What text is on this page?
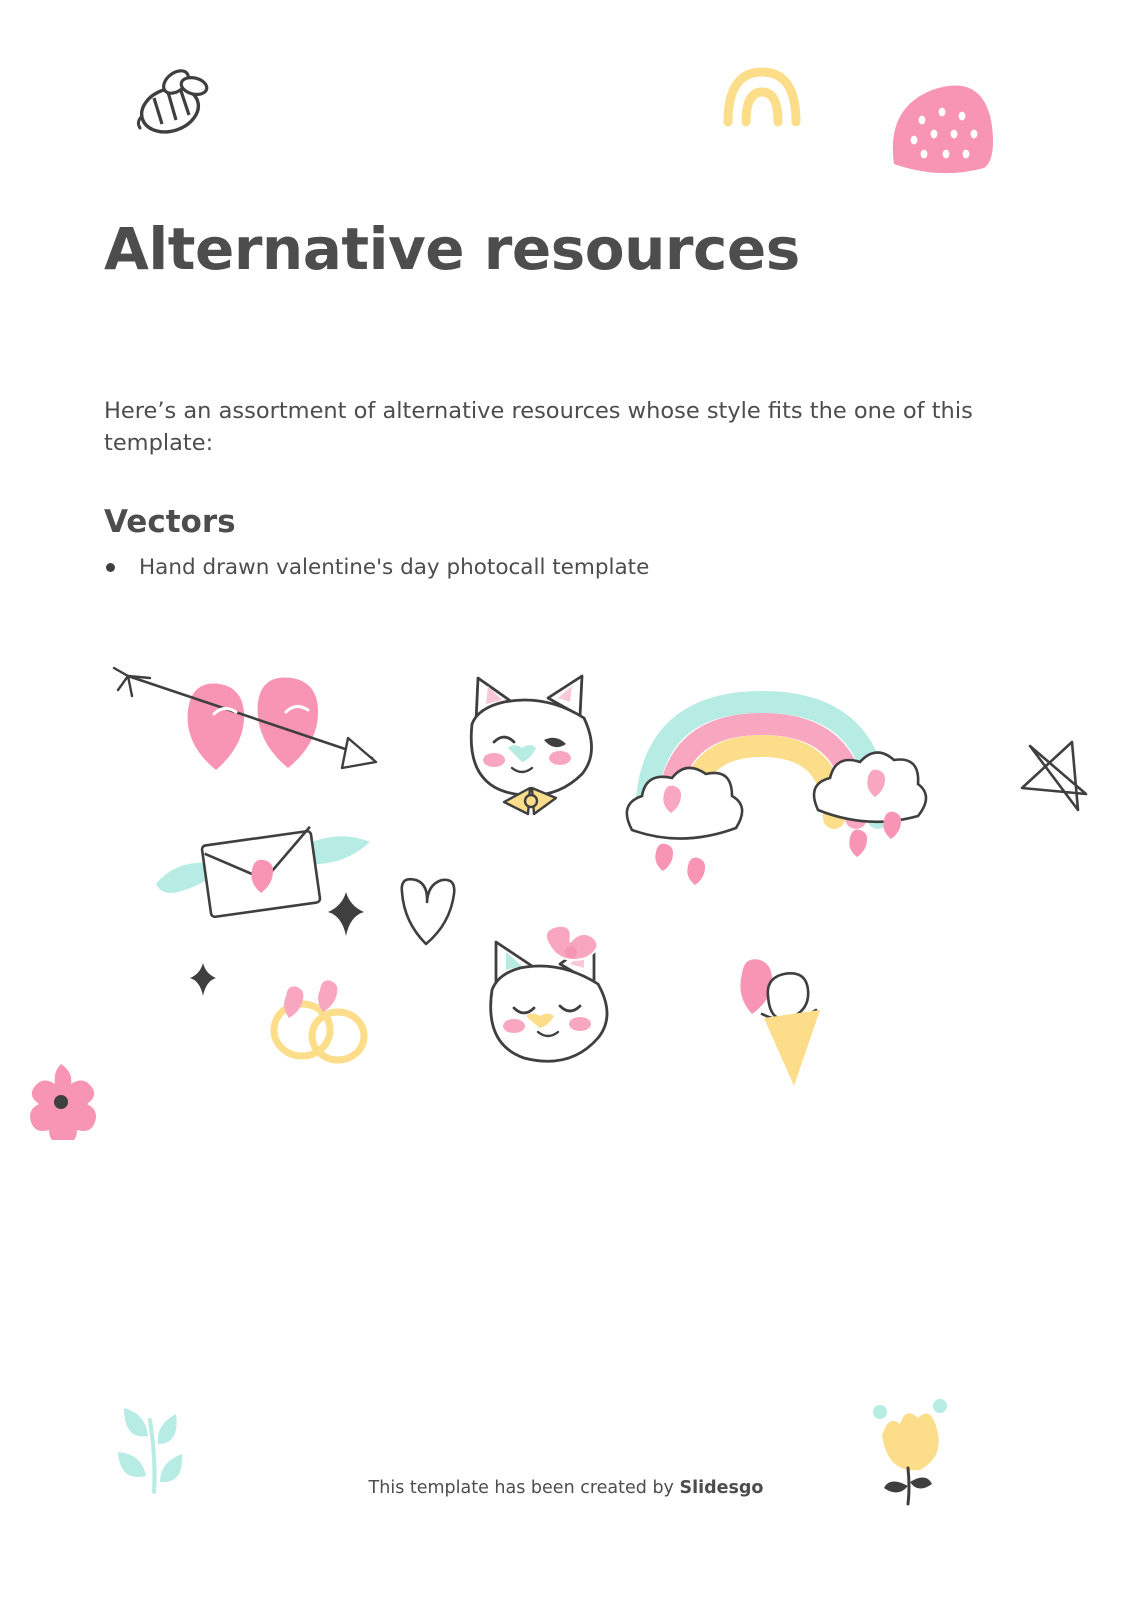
Alternative resources

Here’s an assortment of alternative resources whose style fits the one of this template:

Vectors
Hand drawn valentine's day photocall template
This template has been created by Slidesgo
